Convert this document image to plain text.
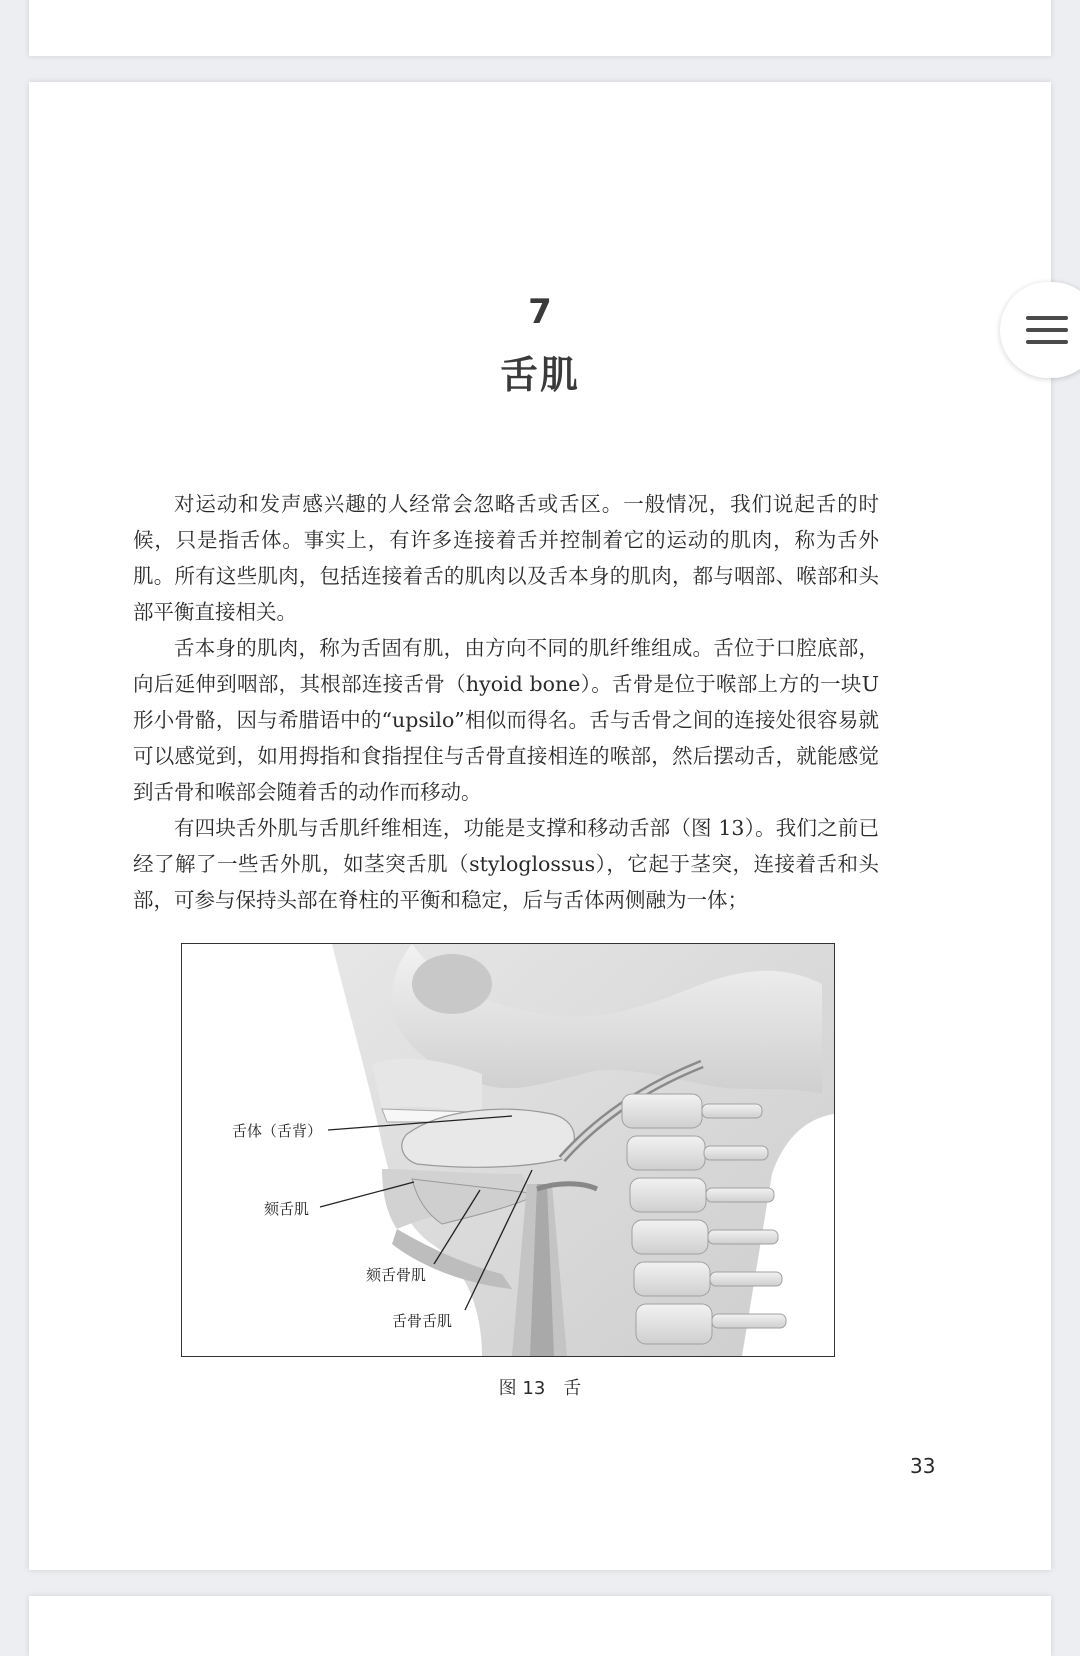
7
舌肌

对运动和发声感兴趣的人经常会忽略舌或舌区。一般情况，我们说起舌的时候，只是指舌体。事实上，有许多连接着舌并控制着它的运动的肌肉，称为舌外肌。所有这些肌肉，包括连接着舌的肌肉以及舌本身的肌肉，都与咽部、喉部和头部平衡直接相关。

舌本身的肌肉，称为舌固有肌，由方向不同的肌纤维组成。舌位于口腔底部，向后延伸到咽部，其根部连接舌骨（hyoid bone）。舌骨是位于喉部上方的一块U形小骨骼，因与希腊语中的“upsilo”相似而得名。舌与舌骨之间的连接处很容易就可以感觉到，如用拇指和食指捏住与舌骨直接相连的喉部，然后摆动舌，就能感觉到舌骨和喉部会随着舌的动作而移动。

有四块舌外肌与舌肌纤维相连，功能是支撑和移动舌部（图 13）。我们之前已经了解了一些舌外肌，如茎突舌肌（styloglossus），它起于茎突，连接着舌和头部，可参与保持头部在脊柱的平衡和稳定，后与舌体两侧融为一体；

舌体（舌背）
颏舌肌
颏舌骨肌
舌骨舌肌
图 13　舌
33
